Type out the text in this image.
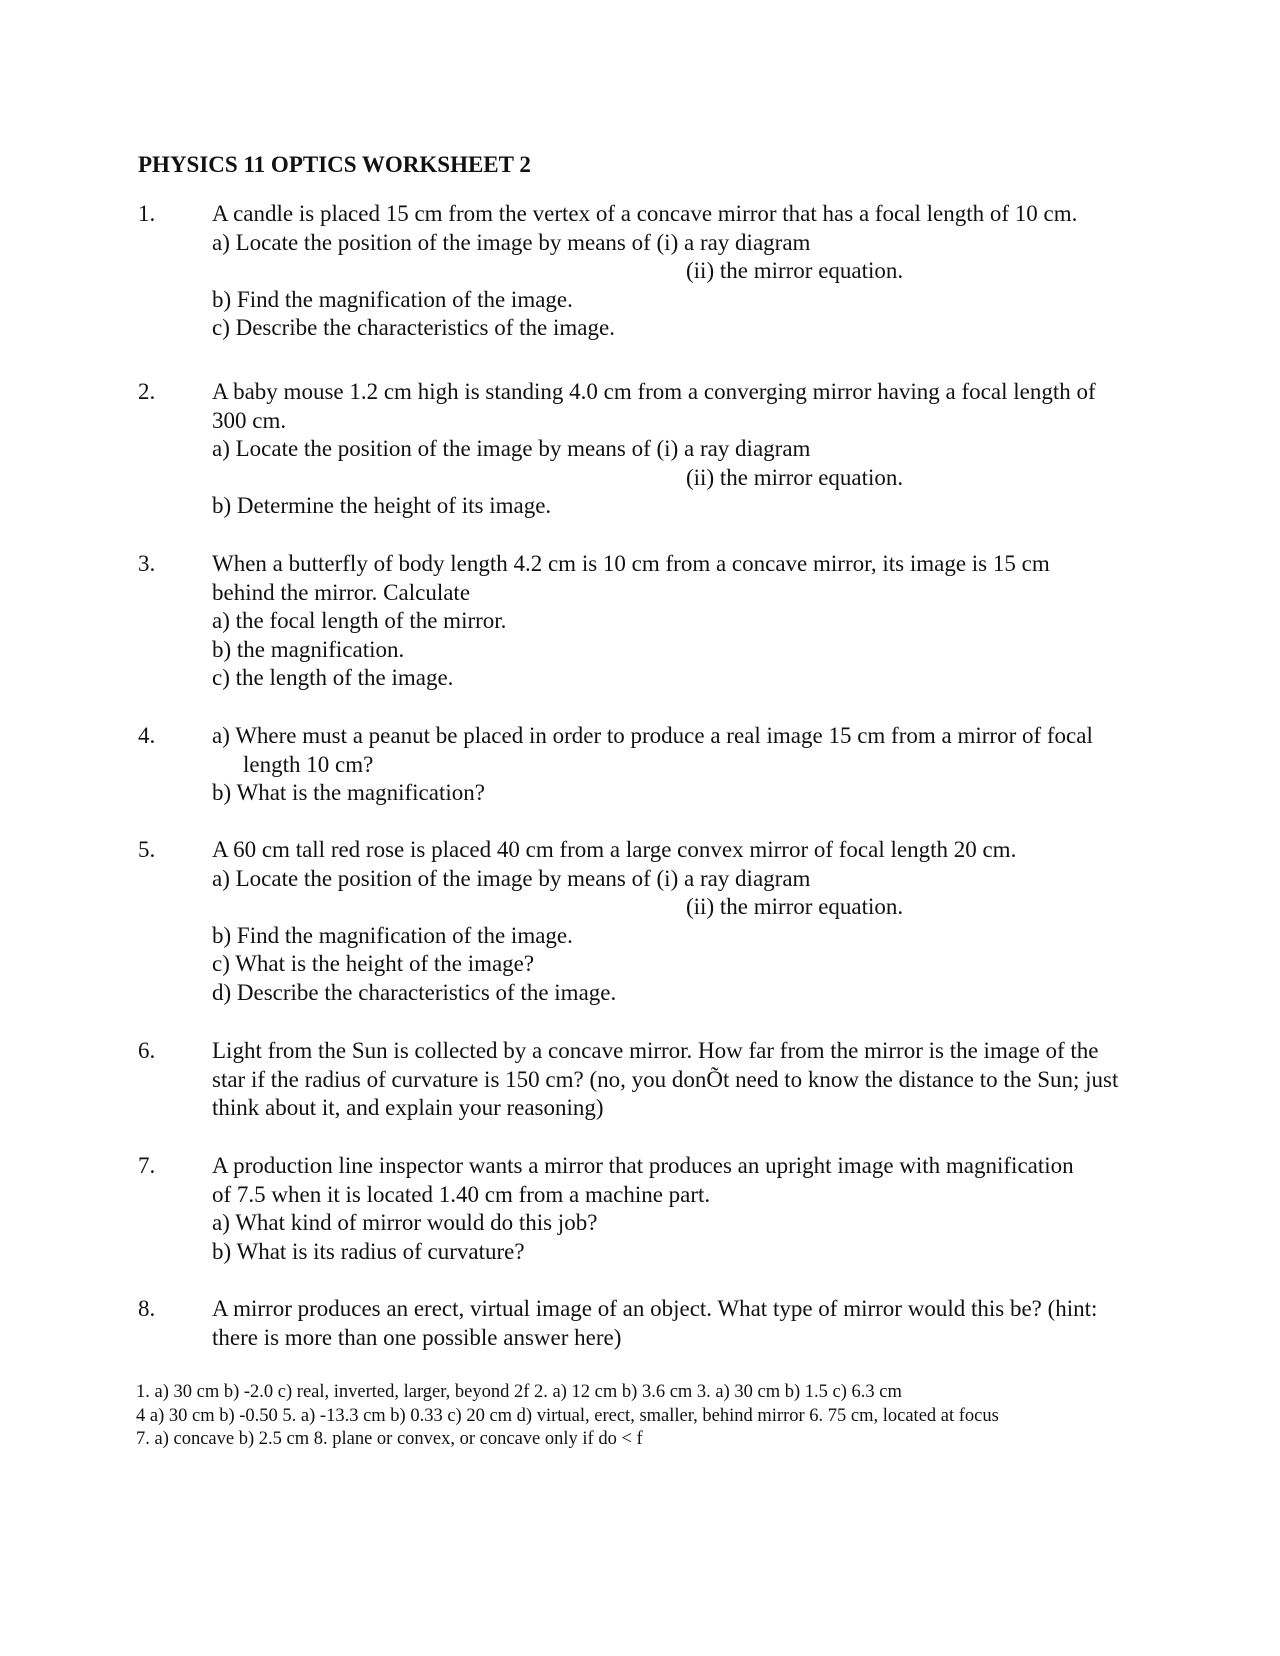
PHYSICS 11 OPTICS WORKSHEET 2
1. A candle is placed 15 cm from the vertex of a concave mirror that has a focal length of 10 cm.
a) Locate the position of the image by means of (i) a ray diagram
(ii) the mirror equation.
b) Find the magnification of the image.
c) Describe the characteristics of the image.
2. A baby mouse 1.2 cm high is standing 4.0 cm from a converging mirror having a focal length of
300 cm.
a) Locate the position of the image by means of (i) a ray diagram
(ii) the mirror equation.
b) Determine the height of its image.
3. When a butterfly of body length 4.2 cm is 10 cm from a concave mirror, its image is 15 cm
behind the mirror. Calculate
a) the focal length of the mirror.
b) the magnification.
c) the length of the image.
4. a) Where must a peanut be placed in order to produce a real image 15 cm from a mirror of focal
length 10 cm?
b) What is the magnification?
5. A 60 cm tall red rose is placed 40 cm from a large convex mirror of focal length 20 cm.
a) Locate the position of the image by means of (i) a ray diagram
(ii) the mirror equation.
b) Find the magnification of the image.
c) What is the height of the image?
d) Describe the characteristics of the image.
6. Light from the Sun is collected by a concave mirror. How far from the mirror is the image of the
star if the radius of curvature is 150 cm? (no, you donÕt need to know the distance to the Sun; just
think about it, and explain your reasoning)
7. A production line inspector wants a mirror that produces an upright image with magnification
of 7.5 when it is located 1.40 cm from a machine part.
a) What kind of mirror would do this job?
b) What is its radius of curvature?
8. A mirror produces an erect, virtual image of an object. What type of mirror would this be? (hint:
there is more than one possible answer here)
1. a) 30 cm b) -2.0 c) real, inverted, larger, beyond 2f 2. a) 12 cm b) 3.6 cm 3. a) 30 cm b) 1.5 c) 6.3 cm
4 a) 30 cm b) -0.50 5. a) -13.3 cm b) 0.33 c) 20 cm d) virtual, erect, smaller, behind mirror 6. 75 cm, located at focus
7. a) concave b) 2.5 cm 8. plane or convex, or concave only if do < f
